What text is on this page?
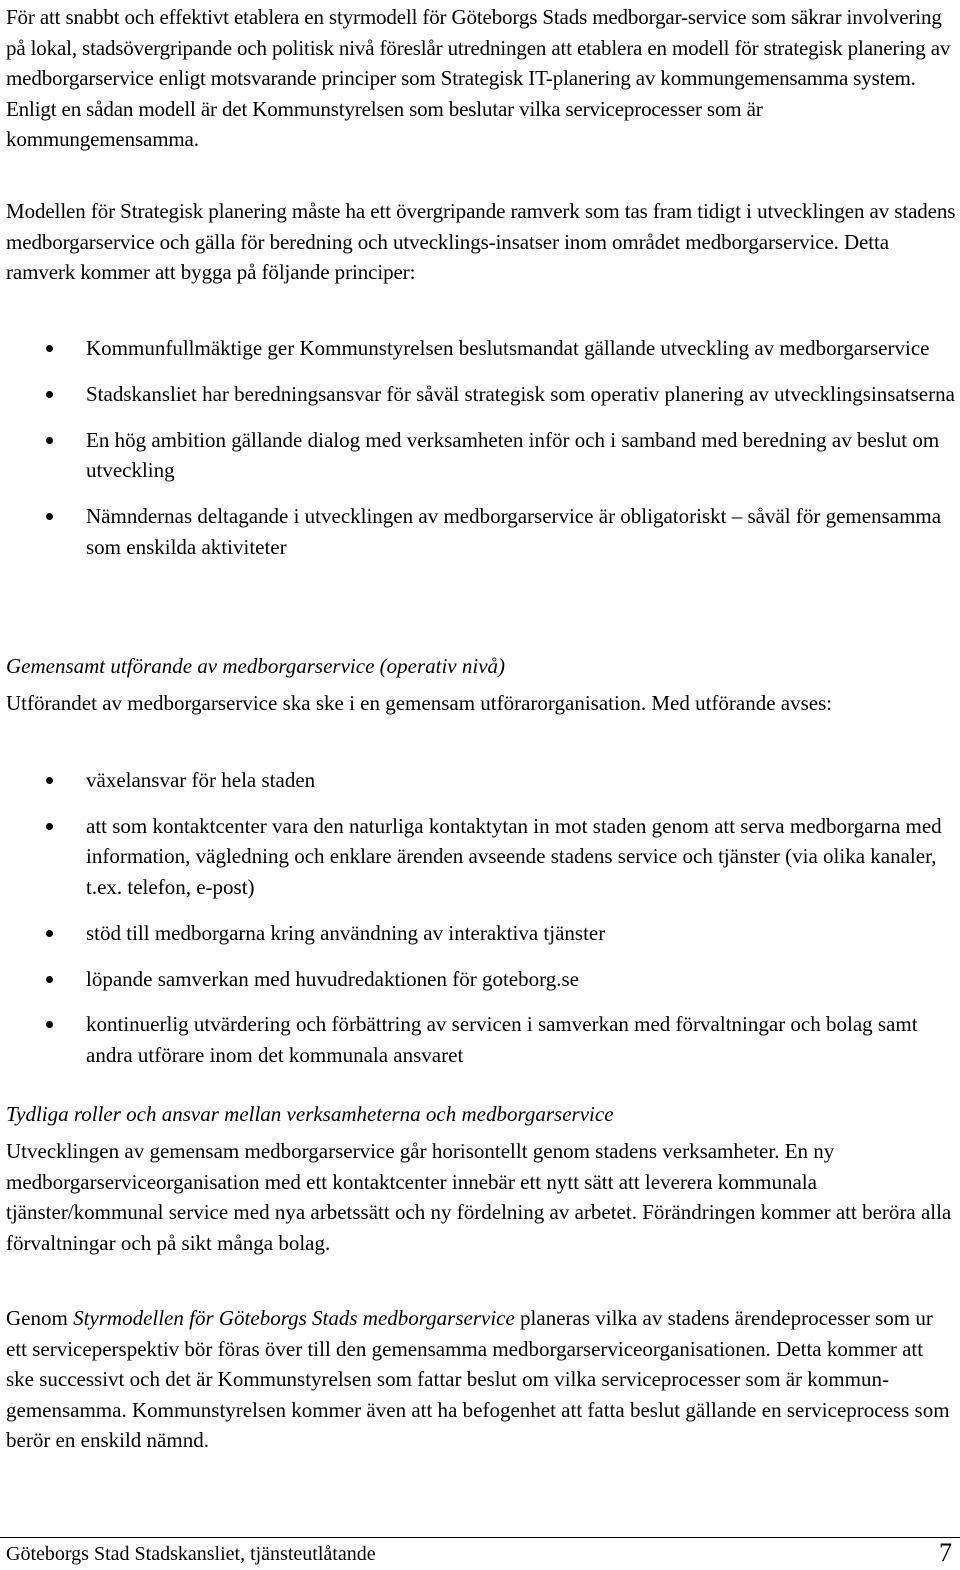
För att snabbt och effektivt etablera en styrmodell för Göteborgs Stads medborgar-service som säkrar involvering på lokal, stadsövergripande och politisk nivå föreslår utredningen att etablera en modell för strategisk planering av medborgarservice enligt motsvarande principer som Strategisk IT-planering av kommungemensamma system. Enligt en sådan modell är det Kommunstyrelsen som beslutar vilka serviceprocesser som är kommungemensamma.

Modellen för Strategisk planering måste ha ett övergripande ramverk som tas fram tidigt i utvecklingen av stadens medborgarservice och gälla för beredning och utvecklings-insatser inom området medborgarservice. Detta ramverk kommer att bygga på följande principer:

Kommunfullmäktige ger Kommunstyrelsen beslutsmandat gällande utveckling av medborgarservice
Stadskansliet har beredningsansvar för såväl strategisk som operativ planering av utvecklingsinsatserna
En hög ambition gällande dialog med verksamheten inför och i samband med beredning av beslut om utveckling
Nämndernas deltagande i utvecklingen av medborgarservice är obligatoriskt – såväl för gemensamma som enskilda aktiviteter
Gemensamt utförande av medborgarservice (operativ nivå)

Utförandet av medborgarservice ska ske i en gemensam utförarorganisation. Med utförande avses:

växelansvar för hela staden
att som kontaktcenter vara den naturliga kontaktytan in mot staden genom att serva medborgarna med information, vägledning och enklare ärenden avseende stadens service och tjänster (via olika kanaler, t.ex. telefon, e-post)
stöd till medborgarna kring användning av interaktiva tjänster
löpande samverkan med huvudredaktionen för goteborg.se
kontinuerlig utvärdering och förbättring av servicen i samverkan med förvaltningar och bolag samt andra utförare inom det kommunala ansvaret
Tydliga roller och ansvar mellan verksamheterna och medborgarservice

Utvecklingen av gemensam medborgarservice går horisontellt genom stadens verksamheter. En ny medborgarserviceorganisation med ett kontaktcenter innebär ett nytt sätt att leverera kommunala tjänster/kommunal service med nya arbetssätt och ny fördelning av arbetet. Förändringen kommer att beröra alla förvaltningar och på sikt många bolag.

Genom Styrmodellen för Göteborgs Stads medborgarservice planeras vilka av stadens ärendeprocesser som ur ett serviceperspektiv bör föras över till den gemensamma medborgarserviceorganisationen. Detta kommer att ske successivt och det är Kommunstyrelsen som fattar beslut om vilka serviceprocesser som är kommun-gemensamma. Kommunstyrelsen kommer även att ha befogenhet att fatta beslut gällande en serviceprocess som berör en enskild nämnd.

Göteborgs Stad Stadskansliet, tjänsteutlåtande	7
